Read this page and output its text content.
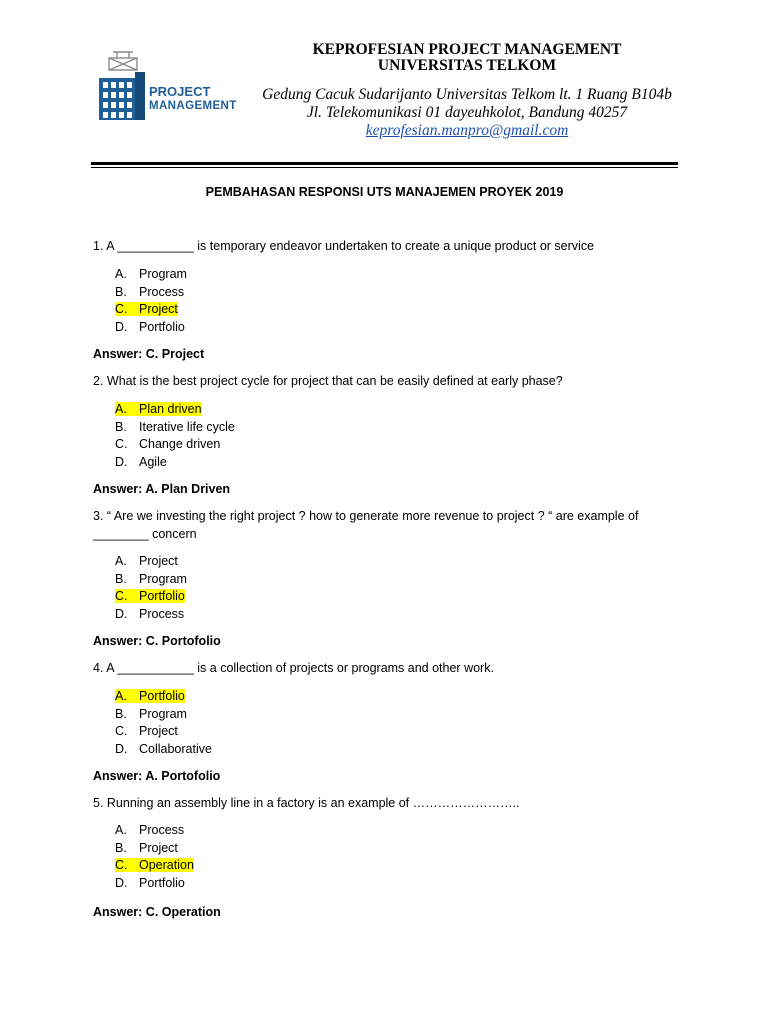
PROJECT
MANAGEMENT
KEPROFESIAN PROJECT MANAGEMENT
UNIVERSITAS TELKOM
Gedung Cacuk Sudarijanto Universitas Telkom lt. 1 Ruang B104b
Jl. Telekomunikasi 01 dayeuhkolot, Bandung 40257
keprofesian.manpro@gmail.com
PEMBAHASAN RESPONSI UTS MANAJEMEN PROYEK 2019
1. A ___________ is temporary endeavor undertaken to create a unique product or service
A. Program
B. Process
C. Project
D. Portfolio
Answer: C. Project
2. What is the best project cycle for project that can be easily defined at early phase?
A. Plan driven
B. Iterative life cycle
C. Change driven
D. Agile
Answer: A. Plan Driven
3. “ Are we investing the right project ? how to generate more revenue to project ? “ are example of ________ concern
A. Project
B. Program
C. Portfolio
D. Process
Answer: C. Portofolio
4. A ___________ is a collection of projects or programs and other work.
A. Portfolio
B. Program
C. Project
D. Collaborative
Answer: A. Portofolio
5. Running an assembly line in a factory is an example of ……………………..
A. Process
B. Project
C. Operation
D. Portfolio
Answer: C. Operation
